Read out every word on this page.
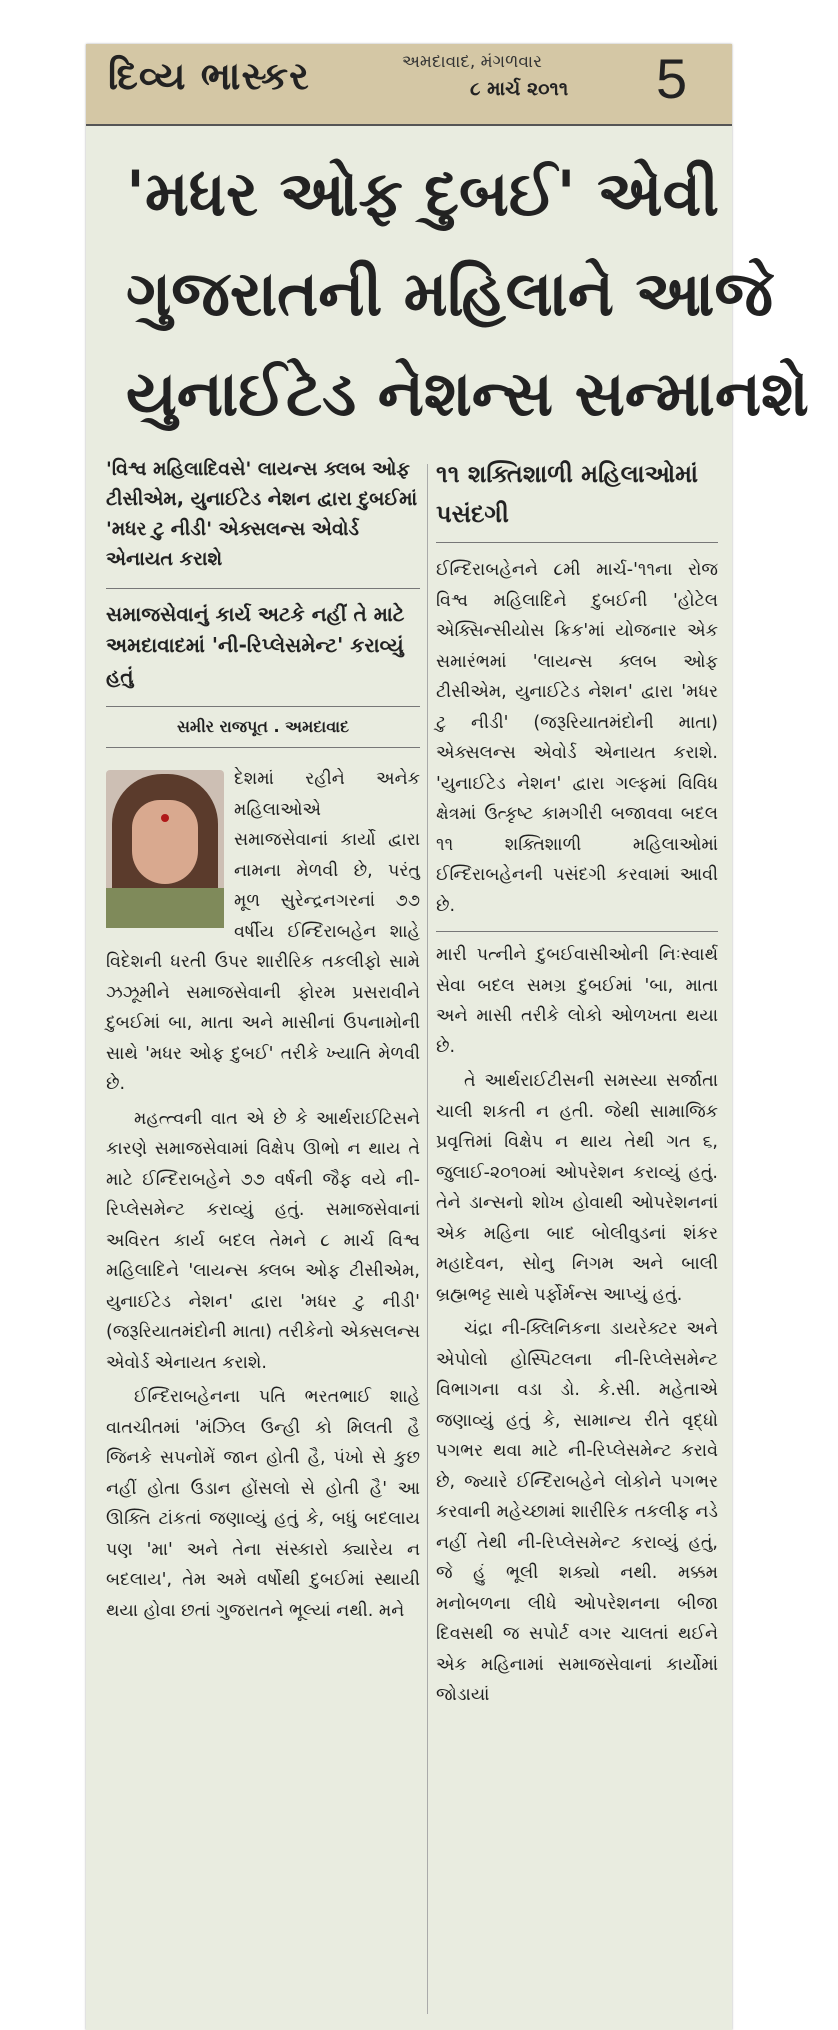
દિવ્ય ભાસ્કર	અમદાવાદ, મંગળવાર
૮ માર્ચ ૨૦૧૧ 5
'મધર ઓફ દુબઈ' એવી
ગુજરાતની મહિલાને આજે
યુનાઈટેડ નેશન્સ સન્માનશે
'વિશ્વ મહિલાદિવસે' લાયન્સ ક્લબ ઓફ ટીસીએમ, યુનાઈટેડ નેશન દ્વારા દુબઈમાં 'મધર ટુ નીડી' એક્સલન્સ એવોર્ડ એનાયત કરાશે
સમાજસેવાનું કાર્ય અટકે નહીં તે માટે અમદાવાદમાં 'ની-રિપ્લેસમેન્ટ' કરાવ્યું હતું
સમીર રાજપૂત . અમદાવાદ

દેશમાં રહીને અનેક મહિલાઓએ સમાજસેવાનાં કાર્યો દ્વારા નામના મેળવી છે, પરંતુ મૂળ સુરેન્દ્રનગરનાં ૭૭ વર્ષીય ઈન્દિરાબહેન શાહે વિદેશની ધરતી ઉપર શારીરિક તકલીફો સામે ઝઝૂમીને સમાજસેવાની ફોરમ પ્રસરાવીને દુબઈમાં બા, માતા અને માસીનાં ઉપનામોની સાથે 'મધર ઓફ દુબઈ' તરીકે ખ્યાતિ મેળવી છે.

મહત્ત્વની વાત એ છે કે આર્થરાઈટિસને કારણે સમાજસેવામાં વિક્ષેપ ઊભો ન થાય તે માટે ઈન્દિરાબહેને ૭૭ વર્ષની જૈફ વયે ની-રિપ્લેસમેન્ટ કરાવ્યું હતું. સમાજસેવાનાં અવિરત કાર્ય બદલ તેમને ૮ માર્ચ વિશ્વ મહિલાદિને 'લાયન્સ ક્લબ ઓફ ટીસીએમ, યુનાઈટેડ નેશન' દ્વારા 'મધર ટુ નીડી' (જરૂરિયાતમંદોની માતા) તરીકેનો એક્સલન્સ એવોર્ડ એનાયત કરાશે.

ઈન્દિરાબહેનના પતિ ભરતભાઈ શાહે વાતચીતમાં 'મંઝિલ ઉન્હી કો મિલતી હૈ જિનકે સપનોમેં જાન હોતી હૈ, પંખો સે કુછ નહીં હોતા ઉડાન હોંસલો સે હોતી હૈ' આ ઊક્તિ ટાંકતાં જણાવ્યું હતું કે, બધું બદલાય પણ 'મા' અને તેના સંસ્કારો ક્યારેય ન બદલાય', તેમ અમે વર્ષોથી દુબઈમાં સ્થાયી થયા હોવા છતાં ગુજરાતને ભૂલ્યાં નથી. મને

૧૧ શક્તિશાળી મહિલાઓમાં પસંદગી

ઈન્દિરાબહેનને ૮મી માર્ચ-'૧૧ના રોજ વિશ્વ મહિલાદિને દુબઈની 'હોટેલ એક્સિન્સીયોસ ક્રિક'માં યોજનાર એક સમારંભમાં 'લાયન્સ ક્લબ ઓફ ટીસીએમ, યુનાઈટેડ નેશન' દ્વારા 'મધર ટુ નીડી' (જરૂરિયાતમંદોની માતા) એક્સલન્સ એવોર્ડ એનાયત કરાશે. 'યુનાઈટેડ નેશન' દ્વારા ગલ્ફમાં વિવિધ ક્ષેત્રમાં ઉત્કૃષ્ટ કામગીરી બજાવવા બદલ ૧૧ શક્તિશાળી મહિલાઓમાં ઈન્દિરાબહેનની પસંદગી કરવામાં આવી છે.

મારી પત્નીને દુબઈવાસીઓની નિઃસ્વાર્થ સેવા બદલ સમગ્ર દુબઈમાં 'બા, માતા અને માસી તરીકે લોકો ઓળખતા થયા છે.

તે આર્થરાઈટીસની સમસ્યા સર્જાતા ચાલી શકતી ન હતી. જેથી સામાજિક પ્રવૃત્તિમાં વિક્ષેપ ન થાય તેથી ગત ૬, જુલાઈ-૨૦૧૦માં ઓપરેશન કરાવ્યું હતું. તેને ડાન્સનો શોખ હોવાથી ઓપરેશનનાં એક મહિના બાદ બોલીવુડનાં શંકર મહાદેવન, સોનુ નિગમ અને બાલી બ્રહ્મભટ્ટ સાથે પર્ફોર્મન્સ આપ્યું હતું.

ચંદ્રા ની-ક્લિનિકના ડાયરેક્ટર અને એપોલો હોસ્પિટલના ની-રિપ્લેસમેન્ટ વિભાગના વડા ડો. કે.સી. મહેતાએ જણાવ્યું હતું કે, સામાન્ય રીતે વૃદ્ધો પગભર થવા માટે ની-રિપ્લેસમેન્ટ કરાવે છે, જ્યારે ઈન્દિરાબહેને લોકોને પગભર કરવાની મહેચ્છામાં શારીરિક તકલીફ નડે નહીં તેથી ની-રિપ્લેસમેન્ટ કરાવ્યું હતું, જે હું ભૂલી શક્યો નથી. મક્કમ મનોબળના લીધે ઓપરેશનના બીજા દિવસથી જ સપોર્ટ વગર ચાલતાં થઈને એક મહિનામાં સમાજસેવાનાં કાર્યોમાં જોડાયાં
